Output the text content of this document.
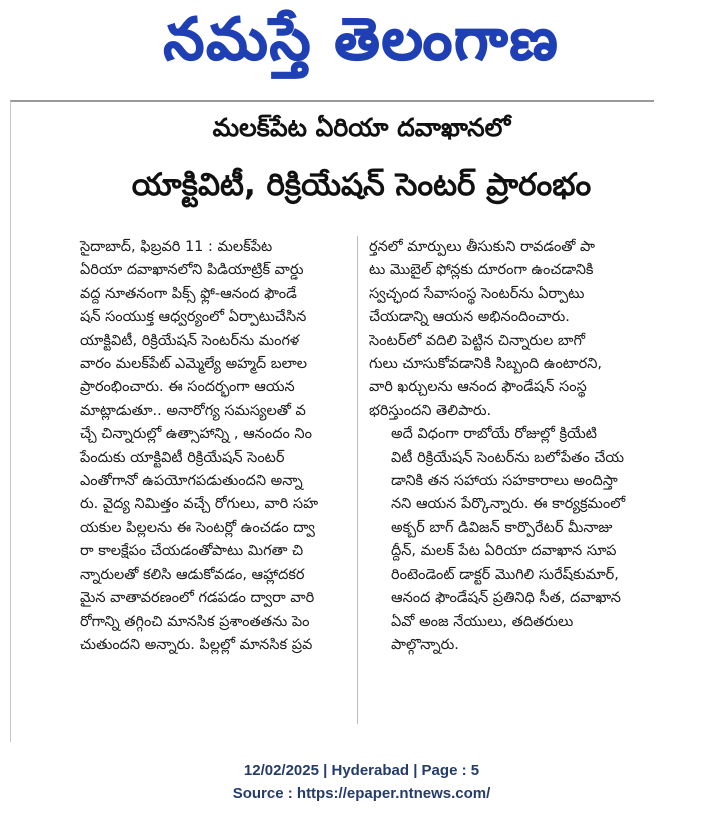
నమస్తే తెలంగాణ
మలక్‌పేట ఏరియా దవాఖానలో
యాక్టివిటీ, రిక్రియేషన్ సెంటర్ ప్రారంభం

సైదాబాద్, ఫిబ్రవరి 11 : మలక్‌పేట
ఏరియా దవాఖానలోని పిడియాట్రిక్ వార్డు
వద్ద నూతనంగా పిక్స్ ఫ్లో-ఆనంద ఫౌండే
షన్ సంయుక్త ఆధ్వర్యంలో ఏర్పాటుచేసిన
యాక్టివిటీ, రిక్రియేషన్ సెంటర్‌ను మంగళ
వారం మలక్‌పేట్ ఎమ్మెల్యే అహ్మద్ బలాల
ప్రారంభించారు. ఈ సందర్భంగా ఆయన
మాట్లాడుతూ.. అనారోగ్య సమస్యలతో వ
చ్చే చిన్నారుల్లో ఉత్సాహాన్ని , ఆనందం నిం
పేందుకు యాక్టివిటీ రిక్రియేషన్ సెంటర్
ఎంతోగానో ఉపయోగపడుతుందని అన్నా
రు. వైద్య నిమిత్తం వచ్చే రోగులు, వారి సహ
యకుల పిల్లలను ఈ సెంటర్లో ఉంచడం ద్వా
రా కాలక్షేపం చేయడంతోపాటు మిగతా చి
న్నారులతో కలిసి ఆడుకోవడం, ఆహ్లాదకర
మైన వాతావరణంలో గడపడం ద్వారా వారి
రోగాన్ని తగ్గించి మానసిక ప్రశాంతతను పెం
చుతుందని అన్నారు. పిల్లల్లో మానసిక ప్రవ

ర్తనలో మార్పులు తీసుకుని రావడంతో పా
టు మొబైల్ ఫోన్లకు దూరంగా ఉంచడానికి
స్వచ్ఛంద సేవాసంస్థ సెంటర్‌ను ఏర్పాటు
చేయడాన్ని ఆయన అభినందించారు.
సెంటర్‌లో వదిలి పెట్టిన చిన్నారుల బాగో
గులు చూసుకోవడానికి సిబ్బంది ఉంటారని,
వారి ఖర్చులను ఆనంద ఫౌండేషన్ సంస్థ
భరిస్తుందని తెలిపారు.

అదే విధంగా రాబోయే రోజుల్లో క్రియేటి
విటీ రిక్రియేషన్ సెంటర్‌ను బలోపేతం చేయ
డానికి తన సహాయ సహకారాలు అందిస్తా
నని ఆయన పేర్కొన్నారు. ఈ కార్యక్రమంలో
అక్బర్ బాగ్ డివిజన్ కార్పొరేటర్ మీనాజు
ద్దీన్, మలక్ పేట ఏరియా దవాఖాన సూప
రింటెండెంట్ డాక్టర్ మొగిలి సురేష్‌కుమార్,
ఆనంద ఫౌండేషన్ ప్రతినిధి సీత, దవాఖాన
ఏవో అంజ నేయులు, తదితరులు
పాల్గొన్నారు.

12/02/2025 | Hyderabad | Page : 5
Source : https://epaper.ntnews.com/
